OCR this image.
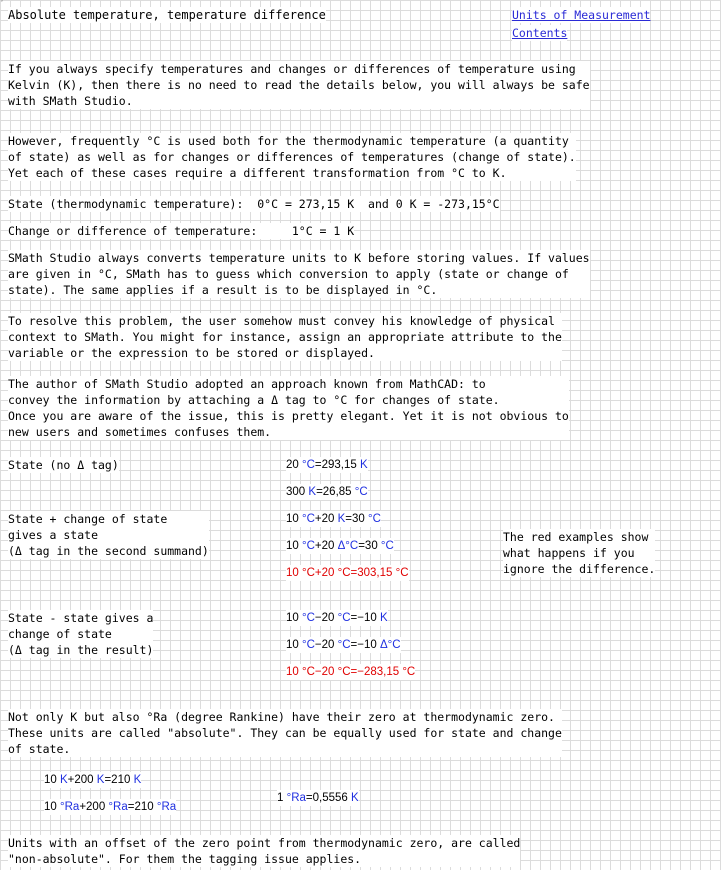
°
Absolute temperature, temperature difference	Units of Measurement
Contents
If you always specify temperatures and changes or differences of temperature using
Kelvin (K), then there is no need to read the details below, you will always be safe
with SMath Studio.
However, frequently °C is used both for the thermodynamic temperature (a quantity
of state) as well as for changes or differences of temperatures (change of state).
Yet each of these cases require a different transformation from °C to K.
State (thermodynamic temperature):  0°C = 273,15 K  and 0 K = -273,15°C
Change or difference of temperature:     1°C = 1 K
SMath Studio always converts temperature units to K before storing values. If values
are given in °C, SMath has to guess which conversion to apply (state or change of
state). The same applies if a result is to be displayed in °C.
To resolve this problem, the user somehow must convey his knowledge of physical
context to SMath. You might for instance, assign an appropriate attribute to the
variable or the expression to be stored or displayed.
The author of SMath Studio adopted an approach known from MathCAD: to
convey the information by attaching a Δ tag to °C for changes of state.
Once you are aware of the issue, this is pretty elegant. Yet it is not obvious to
new users and sometimes confuses them.
State (no Δ tag)	20 °C=293,15 K
300 K=26,85 °C
State + change of state
gives a state
(Δ tag in the second summand)
10 °C+20 K=30 °C
10 °C+20 Δ°C=30 °C
10 °C+20 °C=303,15 °C
The red examples show
what happens if you
ignore the difference.
State - state gives a
change of state
(Δ tag in the result)
10 °C−20 °C=−10 K
10 °C−20 °C=−10 Δ°C
10 °C−20 °C=−283,15 °C
Not only K but also °Ra (degree Rankine) have their zero at thermodynamic zero.
These units are called "absolute". They can be equally used for state and change
of state.
10 K+200 K=210 K
10 °Ra+200 °Ra=210 °Ra
1 °Ra=0,5556 K
Units with an offset of the zero point from thermodynamic zero, are called
"non-absolute". For them the tagging issue applies.
